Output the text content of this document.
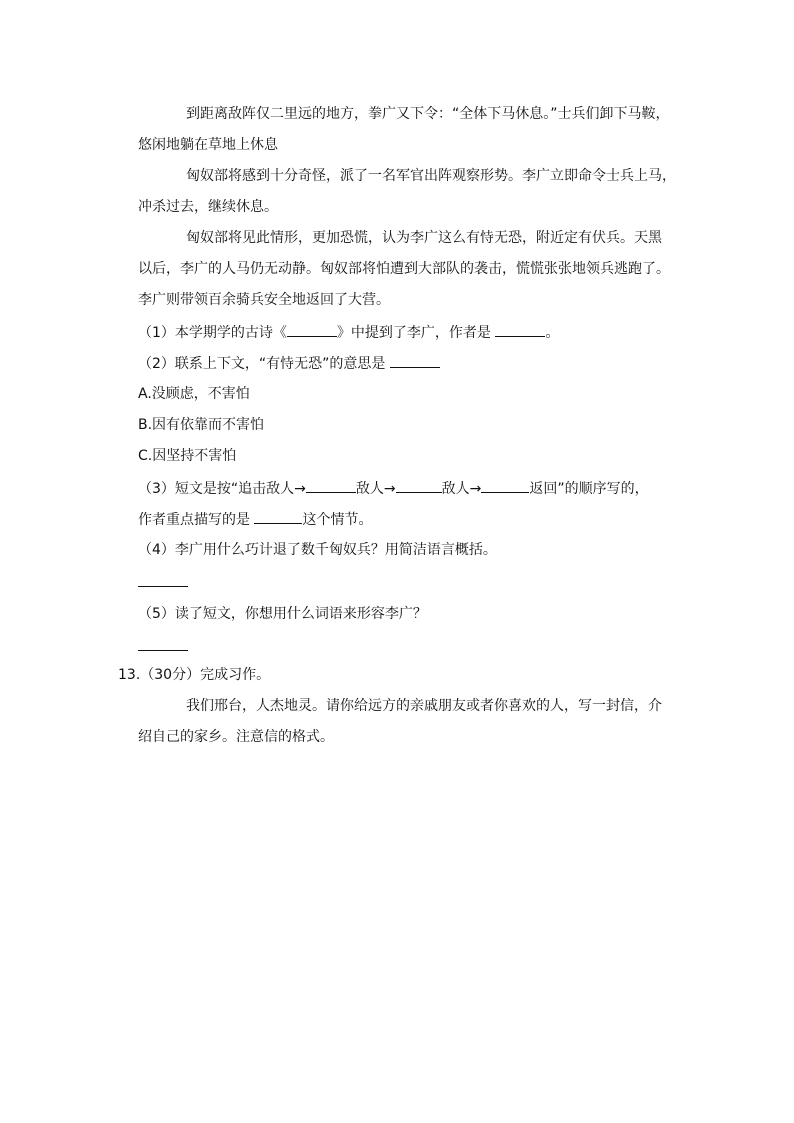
到距离敌阵仅二里远的地方，拳广又下令：“全体下马休息。”士兵们卸下马鞍，
悠闲地躺在草地上休息
匈奴部将感到十分奇怪，派了一名军官出阵观察形势。李广立即命令士兵上马，
冲杀过去，继续休息。
匈奴部将见此情形，更加恐慌，认为李广这么有恃无恐，附近定有伏兵。天黑
以后，李广的人马仍无动静。匈奴部将怕遭到大部队的袭击，慌慌张张地领兵逃跑了。
李广则带领百余骑兵安全地返回了大营。
（1）本学期学的古诗《	》中提到了李广，作者是	。
（2）联系上下文，“有恃无恐”的意思是
A.没顾虑，不害怕
B.因有依靠而不害怕
C.因坚持不害怕
（3）短文是按“追击敌人→	敌人→	敌人→	返回”的顺序写的，
作者重点描写的是	这个情节。
（4）李广用什么巧计退了数千匈奴兵？用简洁语言概括。
（5）读了短文，你想用什么词语来形容李广？
13.（30分）完成习作。
我们邢台，人杰地灵。请你给远方的亲戚朋友或者你喜欢的人，写一封信，介
绍自己的家乡。注意信的格式。
